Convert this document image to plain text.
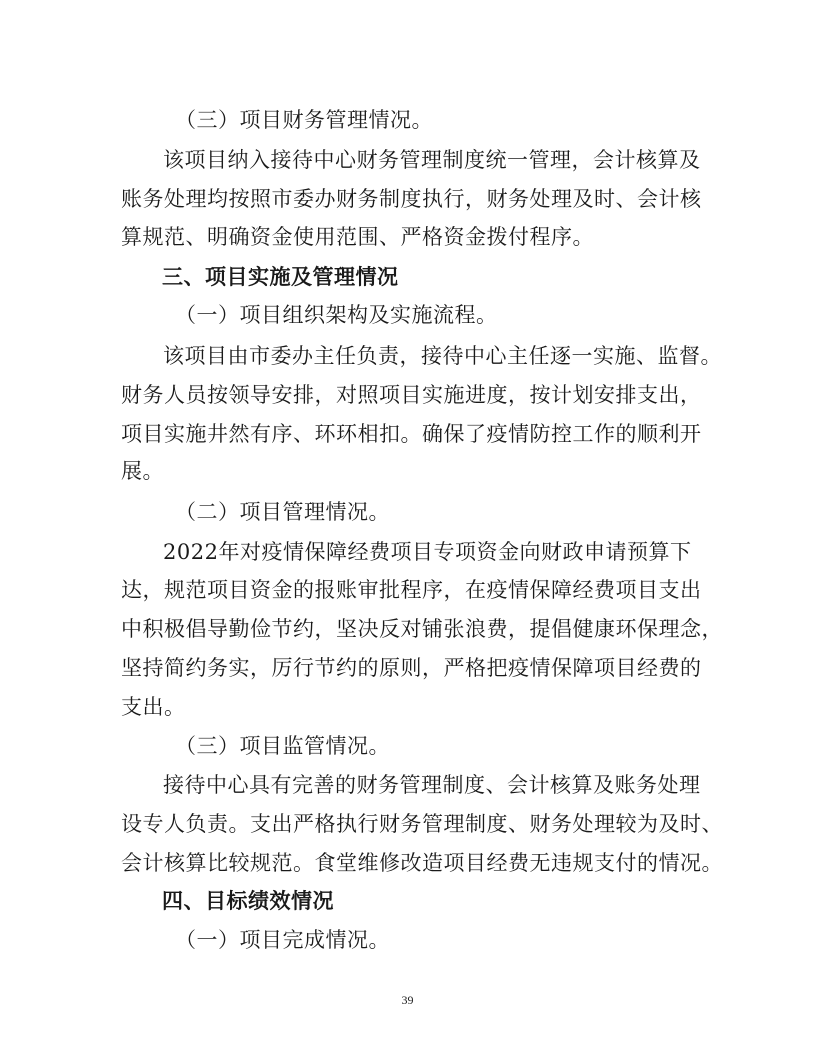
（三）项目财务管理情况。
该项目纳入接待中心财务管理制度统一管理，会计核算及
账务处理均按照市委办财务制度执行，财务处理及时、会计核
算规范、明确资金使用范围、严格资金拨付程序。
三、项目实施及管理情况
（一）项目组织架构及实施流程。
该项目由市委办主任负责，接待中心主任逐一实施、监督。
财务人员按领导安排，对照项目实施进度，按计划安排支出，
项目实施井然有序、环环相扣。确保了疫情防控工作的顺利开
展。
（二）项目管理情况。
2022年对疫情保障经费项目专项资金向财政申请预算下
达，规范项目资金的报账审批程序，在疫情保障经费项目支出
中积极倡导勤俭节约，坚决反对铺张浪费，提倡健康环保理念，
坚持简约务实，厉行节约的原则，严格把疫情保障项目经费的
支出。
（三）项目监管情况。
接待中心具有完善的财务管理制度、会计核算及账务处理
设专人负责。支出严格执行财务管理制度、财务处理较为及时、
会计核算比较规范。食堂维修改造项目经费无违规支付的情况。
四、目标绩效情况
（一）项目完成情况。
39
